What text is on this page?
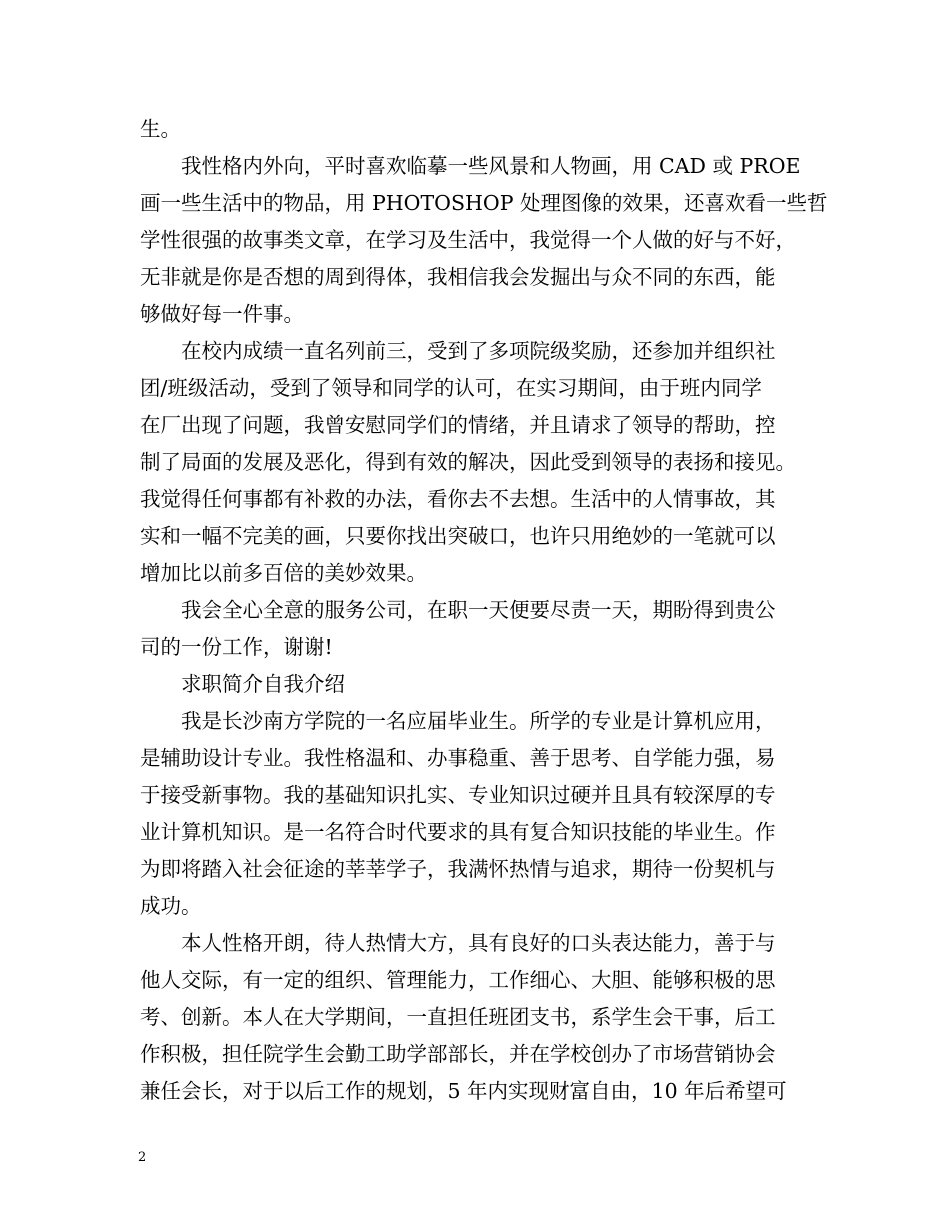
生。

　　我性格内外向，平时喜欢临摹一些风景和人物画，用 CAD 或 PROE

画一些生活中的物品，用 PHOTOSHOP 处理图像的效果，还喜欢看一些哲

学性很强的故事类文章，在学习及生活中，我觉得一个人做的好与不好，

无非就是你是否想的周到得体，我相信我会发掘出与众不同的东西，能

够做好每一件事。

　　在校内成绩一直名列前三，受到了多项院级奖励，还参加并组织社

团/班级活动，受到了领导和同学的认可，在实习期间，由于班内同学

在厂出现了问题，我曾安慰同学们的情绪，并且请求了领导的帮助，控

制了局面的发展及恶化，得到有效的解决，因此受到领导的表扬和接见。

我觉得任何事都有补救的办法，看你去不去想。生活中的人情事故，其

实和一幅不完美的画，只要你找出突破口，也许只用绝妙的一笔就可以

增加比以前多百倍的美妙效果。

　　我会全心全意的服务公司，在职一天便要尽责一天，期盼得到贵公

司的一份工作，谢谢!

　　求职简介自我介绍

　　我是长沙南方学院的一名应届毕业生。所学的专业是计算机应用，

是辅助设计专业。我性格温和、办事稳重、善于思考、自学能力强，易

于接受新事物。我的基础知识扎实、专业知识过硬并且具有较深厚的专

业计算机知识。是一名符合时代要求的具有复合知识技能的毕业生。作

为即将踏入社会征途的莘莘学子，我满怀热情与追求，期待一份契机与

成功。

　　本人性格开朗，待人热情大方，具有良好的口头表达能力，善于与

他人交际，有一定的组织、管理能力，工作细心、大胆、能够积极的思

考、创新。本人在大学期间，一直担任班团支书，系学生会干事，后工

作积极，担任院学生会勤工助学部部长，并在学校创办了市场营销协会

兼任会长，对于以后工作的规划，5 年内实现财富自由，10 年后希望可

2
